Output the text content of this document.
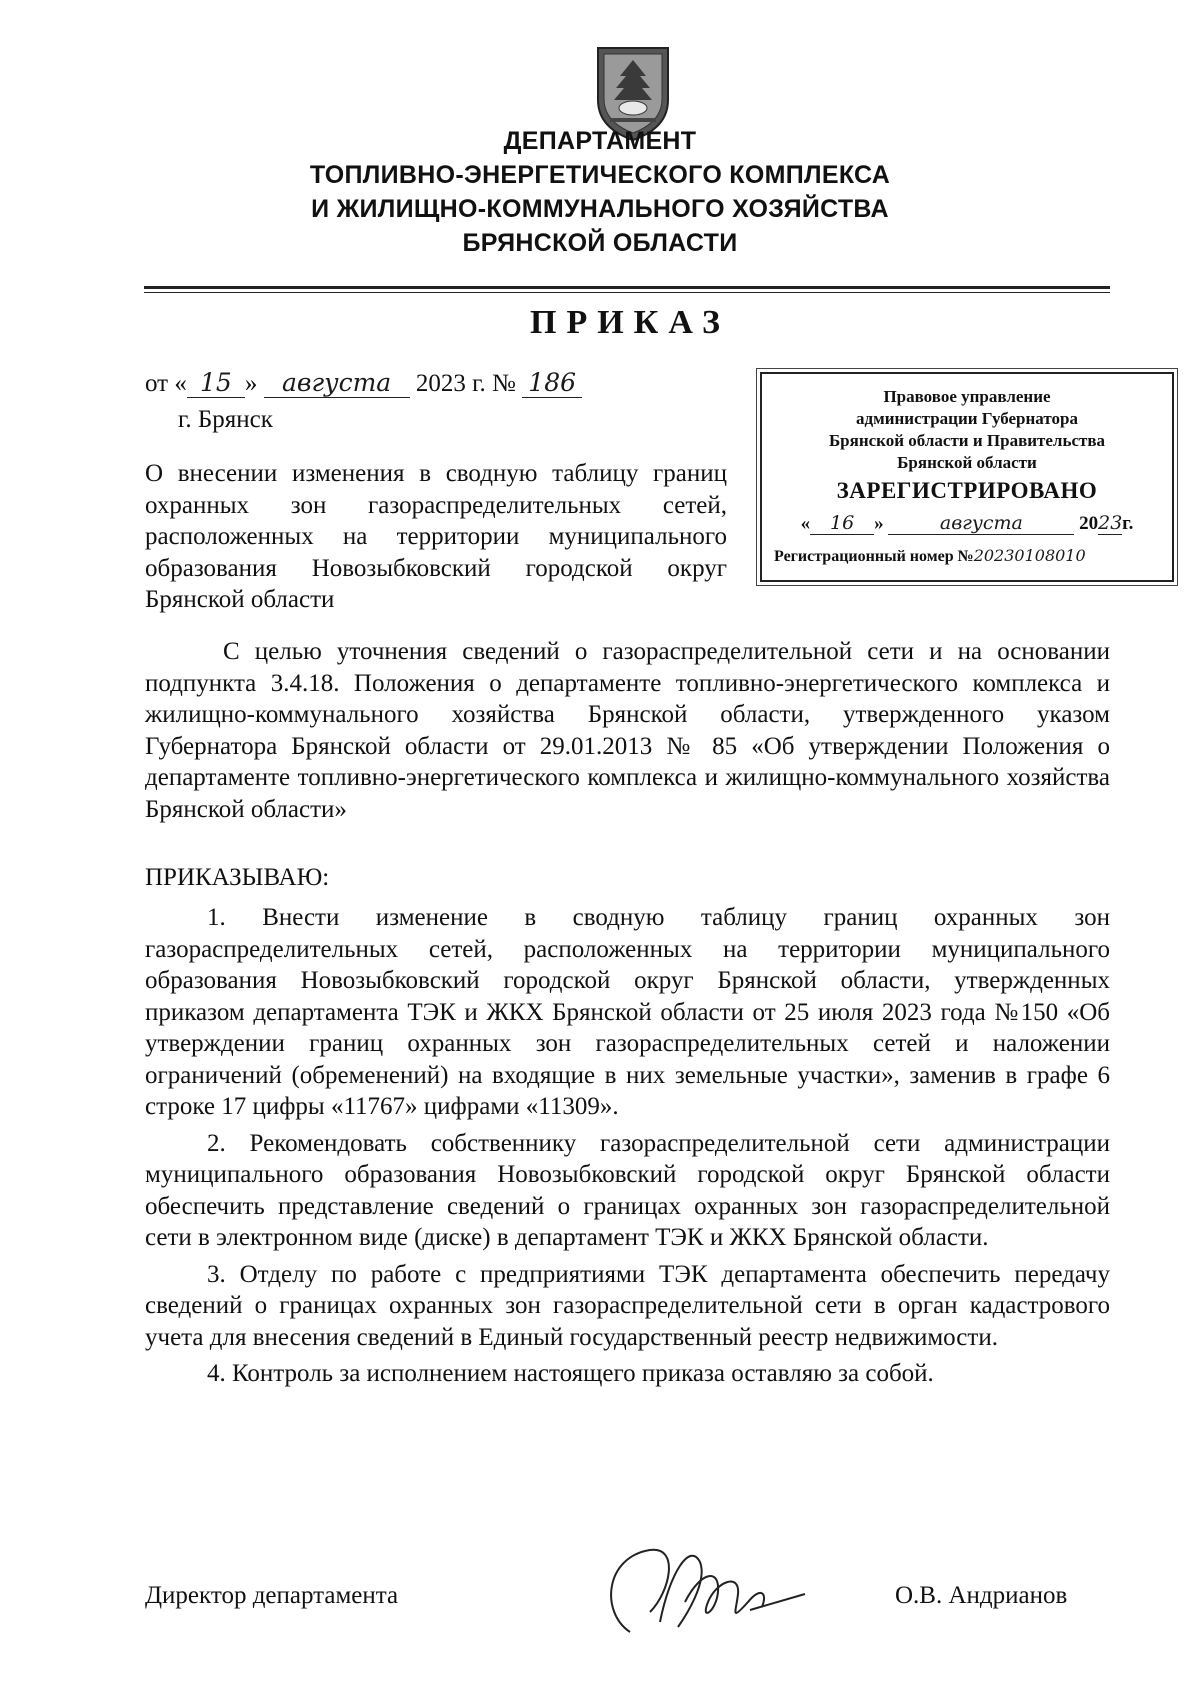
ДЕПАРТАМЕНТ
ТОПЛИВНО-ЭНЕРГЕТИЧЕСКОГО КОМПЛЕКСА
И ЖИЛИЩНО-КОММУНАЛЬНОГО ХОЗЯЙСТВА
БРЯНСКОЙ ОБЛАСТИ
ПРИКАЗ
от « 15 » августа 2023 г. № 186
г. Брянск
О внесении изменения в сводную таблицу границ охранных зон газораспределительных сетей, расположенных на территории муниципального образования Новозыбковский городской округ Брянской области
Правовое управление
администрации Губернатора
Брянской области и Правительства
Брянской области
ЗАРЕГИСТРИРОВАНО
« 16 »	августа	2023г.
Регистрационный номер №20230108010

С целью уточнения сведений о газораспределительной сети и на основании подпункта 3.4.18. Положения о департаменте топливно-энергетического комплекса и жилищно-коммунального хозяйства Брянской области, утвержденного указом Губернатора Брянской области от 29.01.2013 № 85 «Об утверждении Положения о департаменте топливно-энергетического комплекса и жилищно-коммунального хозяйства Брянской области»

ПРИКАЗЫВАЮ:

1. Внести изменение в сводную таблицу границ охранных зон газораспределительных сетей, расположенных на территории муниципального образования Новозыбковский городской округ Брянской области, утвержденных приказом департамента ТЭК и ЖКХ Брянской области от 25 июля 2023 года №150 «Об утверждении границ охранных зон газораспределительных сетей и наложении ограничений (обременений) на входящие в них земельные участки», заменив в графе 6 строке 17 цифры «11767» цифрами «11309».

2. Рекомендовать собственнику газораспределительной сети администрации муниципального образования Новозыбковский городской округ Брянской области обеспечить представление сведений о границах охранных зон газораспределительной сети в электронном виде (диске) в департамент ТЭК и ЖКХ Брянской области.

3. Отделу по работе с предприятиями ТЭК департамента обеспечить передачу сведений о границах охранных зон газораспределительной сети в орган кадастрового учета для внесения сведений в Единый государственный реестр недвижимости.

4. Контроль за исполнением настоящего приказа оставляю за собой.

Директор департамента	О.В. Андрианов
